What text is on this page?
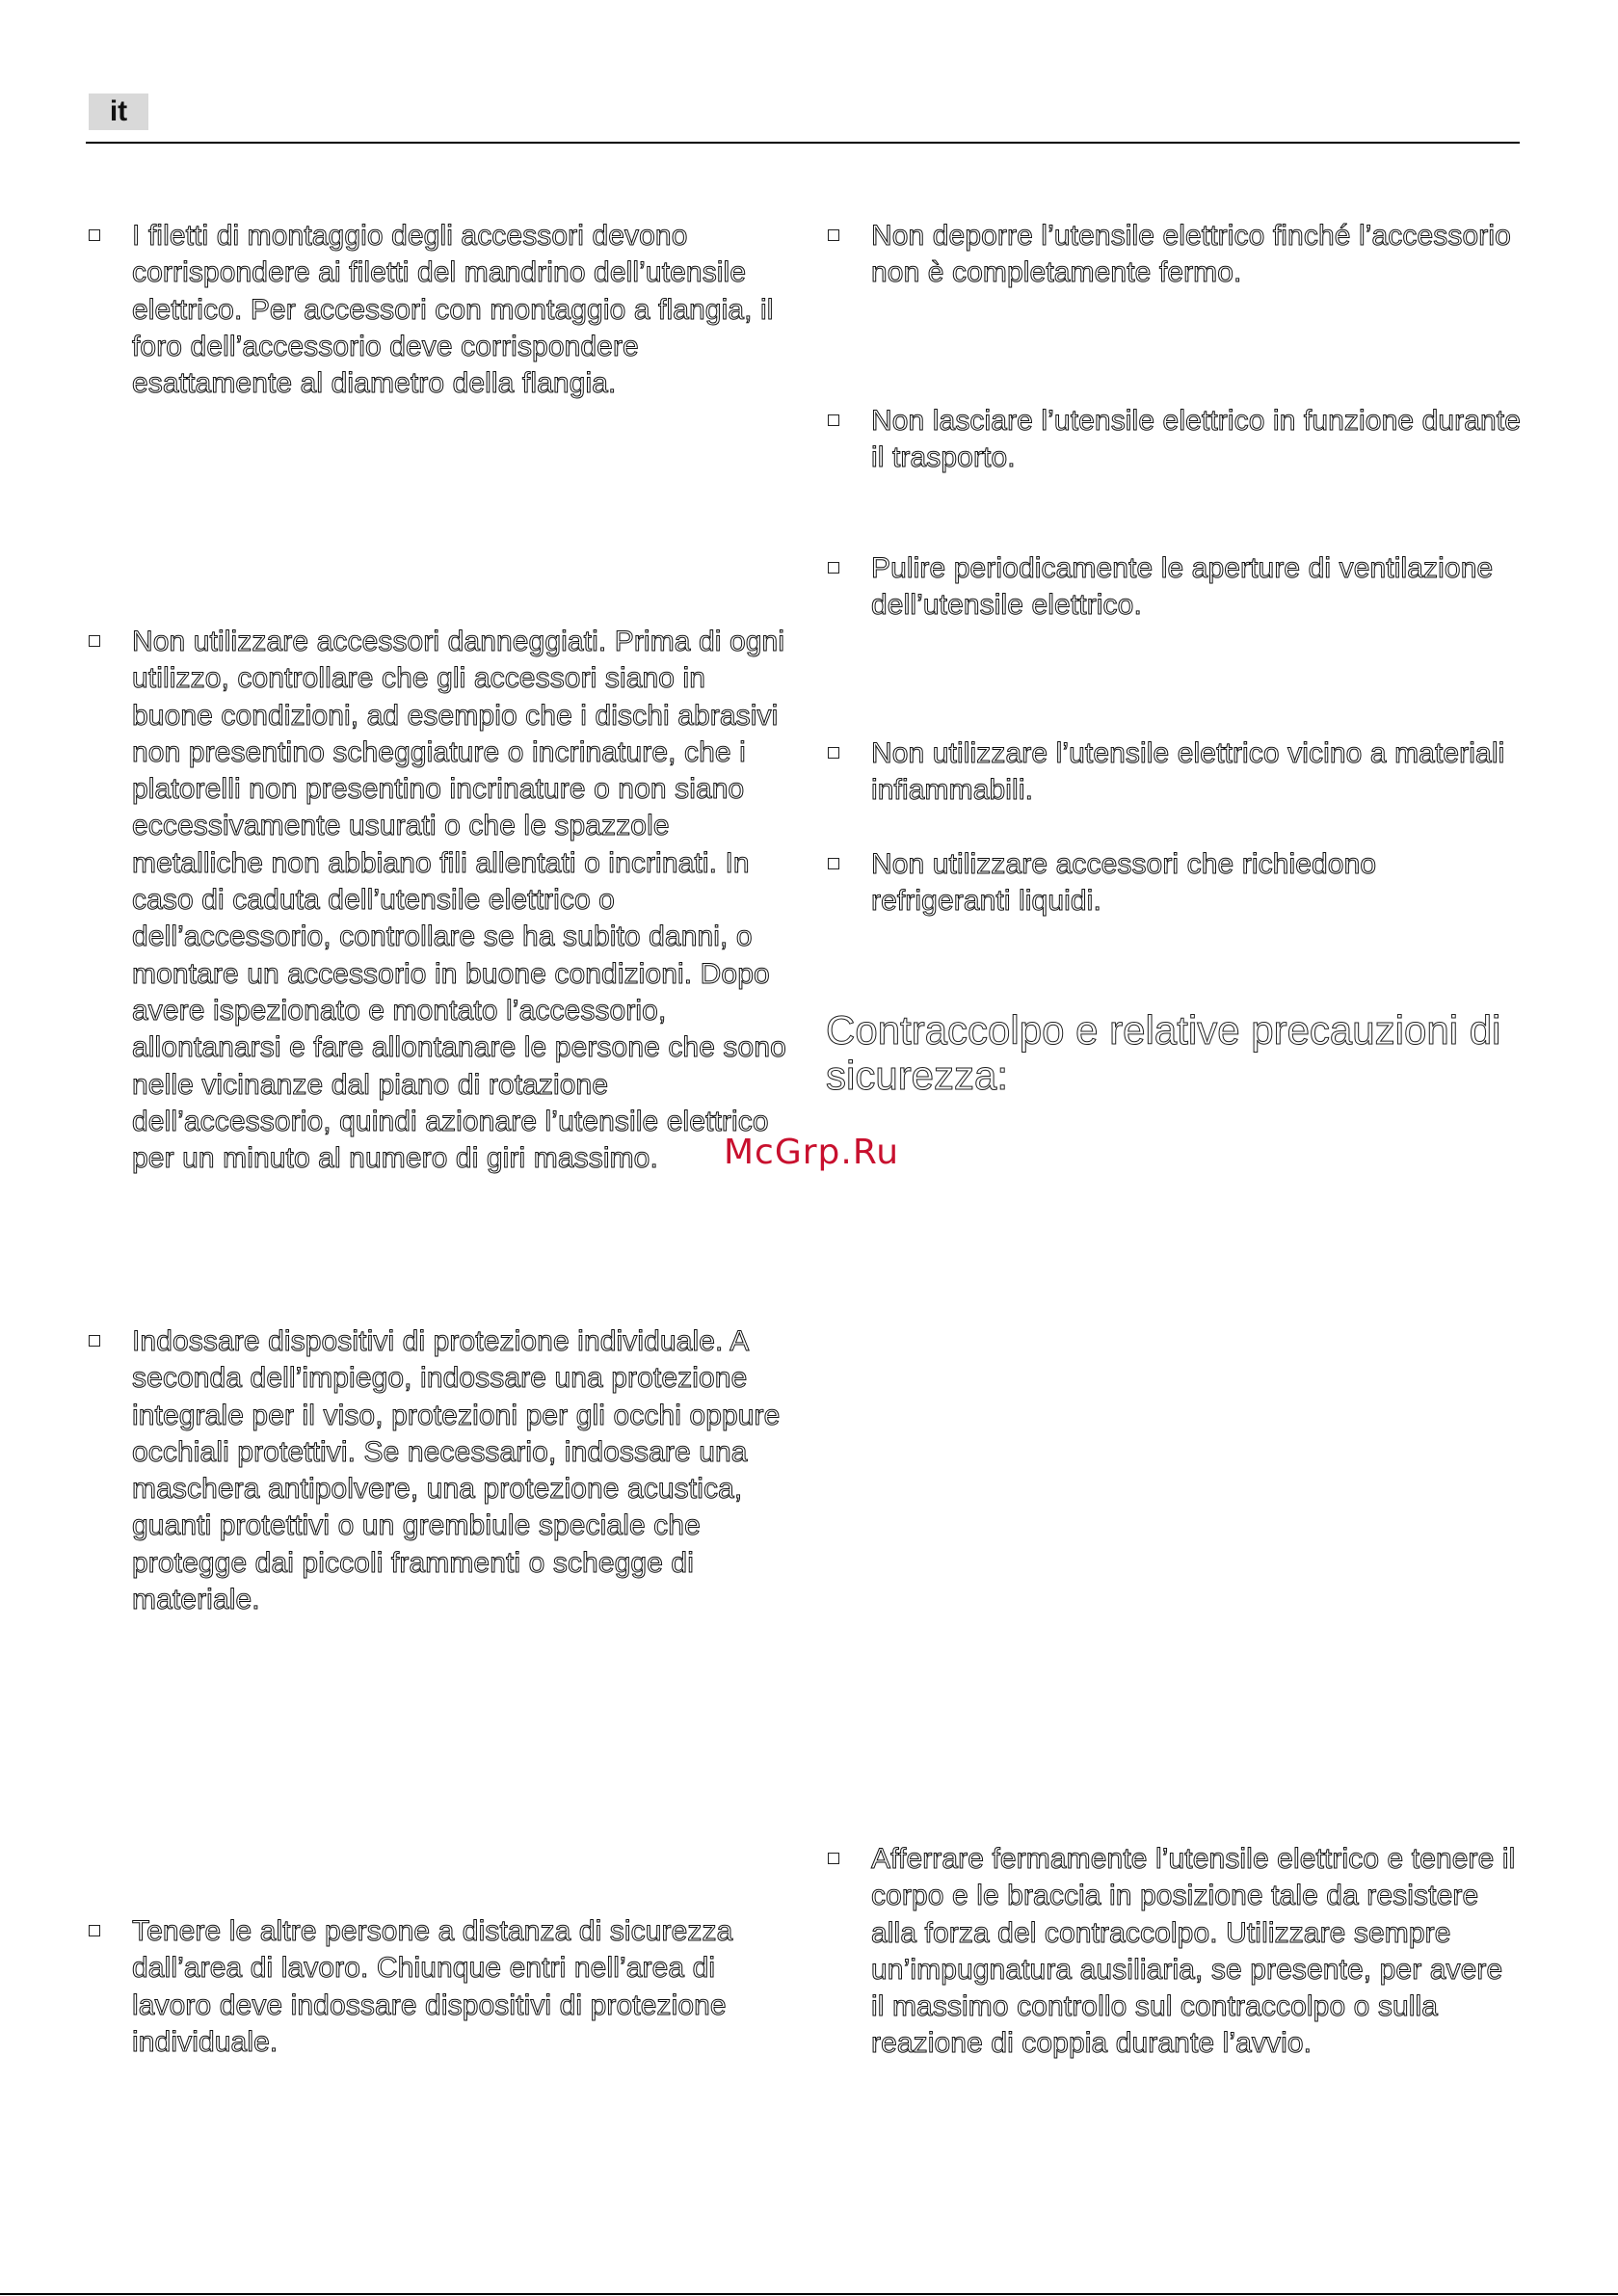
it
I filetti di montaggio degli accessori devono corrispondere ai filetti del mandrino dell’utensile elettrico. Per accessori con montaggio a flangia, il foro dell’accessorio deve corrispondere esattamente al diametro della flangia.
Non utilizzare accessori danneggiati. Prima di ogni utilizzo, controllare che gli accessori siano in buone condizioni, ad esempio che i dischi abrasivi non presentino scheggiature o incrinature, che i platorelli non presentino incrinature o non siano eccessivamente usurati o che le spazzole metalliche non abbiano fili allentati o incrinati. In caso di caduta dell’utensile elettrico o dell’accessorio, controllare se ha subito danni, o montare un accessorio in buone condizioni. Dopo avere ispezionato e montato l’accessorio, allontanarsi e fare allontanare le persone che sono nelle vicinanze dal piano di rotazione dell’accessorio, quindi azionare l’utensile elettrico per un minuto al numero di giri massimo.
Indossare dispositivi di protezione individuale. A seconda dell’impiego, indossare una protezione integrale per il viso, protezioni per gli occhi oppure occhiali protettivi. Se necessario, indossare una maschera antipolvere, una protezione acustica, guanti protettivi o un grembiule speciale che protegge dai piccoli frammenti o schegge di materiale.
Tenere le altre persone a distanza di sicurezza dall’area di lavoro. Chiunque entri nell’area di lavoro deve indossare dispositivi di protezione individuale.
Non deporre l’utensile elettrico finché l’accessorio non è completamente fermo.
Non lasciare l’utensile elettrico in funzione durante il trasporto.
Pulire periodicamente le aperture di ventilazione dell’utensile elettrico.
Non utilizzare l’utensile elettrico vicino a materiali infiammabili.
Non utilizzare accessori che richiedono refrigeranti liquidi.
Contraccolpo e relative precauzioni di sicurezza:
Afferrare fermamente l’utensile elettrico e tenere il corpo e le braccia in posizione tale da resistere alla forza del contraccolpo. Utilizzare sempre un’impugnatura ausiliaria, se presente, per avere il massimo controllo sul contraccolpo o sulla reazione di coppia durante l’avvio.
McGrp.Ru
